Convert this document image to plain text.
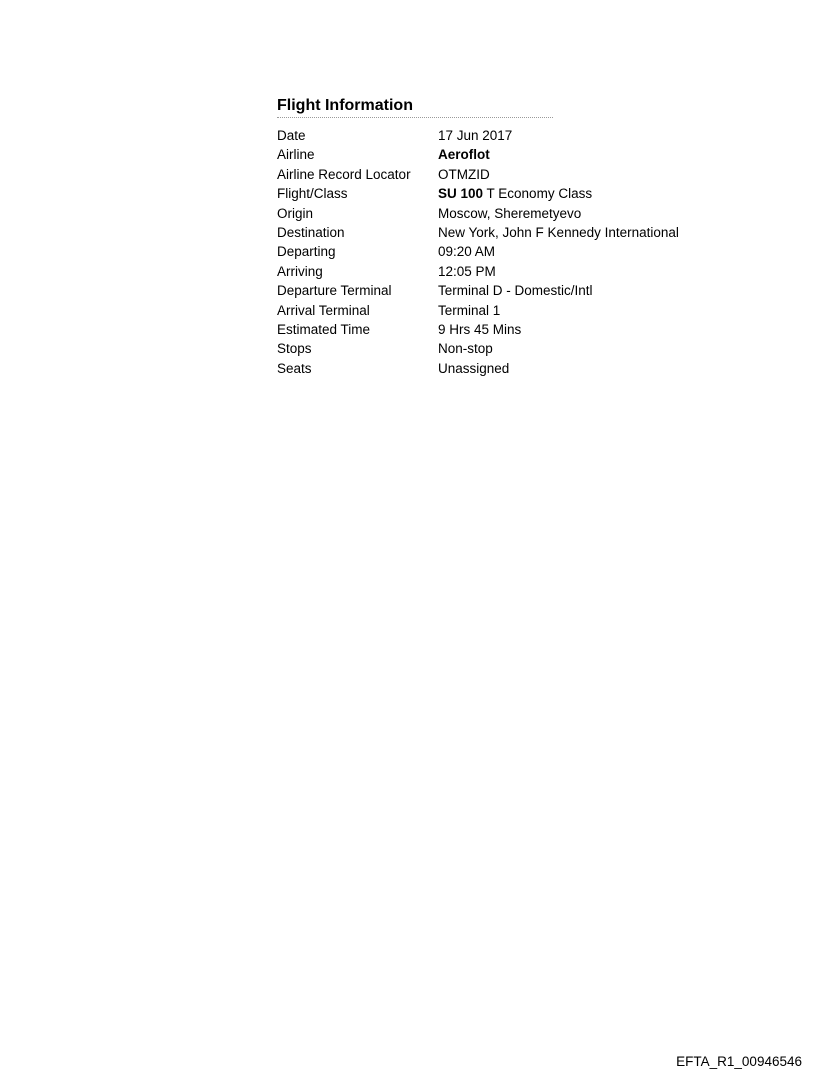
Flight Information
Date	17 Jun 2017
Airline	Aeroflot
Airline Record Locator	OTMZID
Flight/Class	SU 100 T Economy Class
Origin	Moscow, Sheremetyevo
Destination	New York, John F Kennedy International
Departing	09:20 AM
Arriving	12:05 PM
Departure Terminal	Terminal D - Domestic/Intl
Arrival Terminal	Terminal 1
Estimated Time	9 Hrs 45 Mins
Stops	Non-stop
Seats	Unassigned
EFTA_R1_00946546
